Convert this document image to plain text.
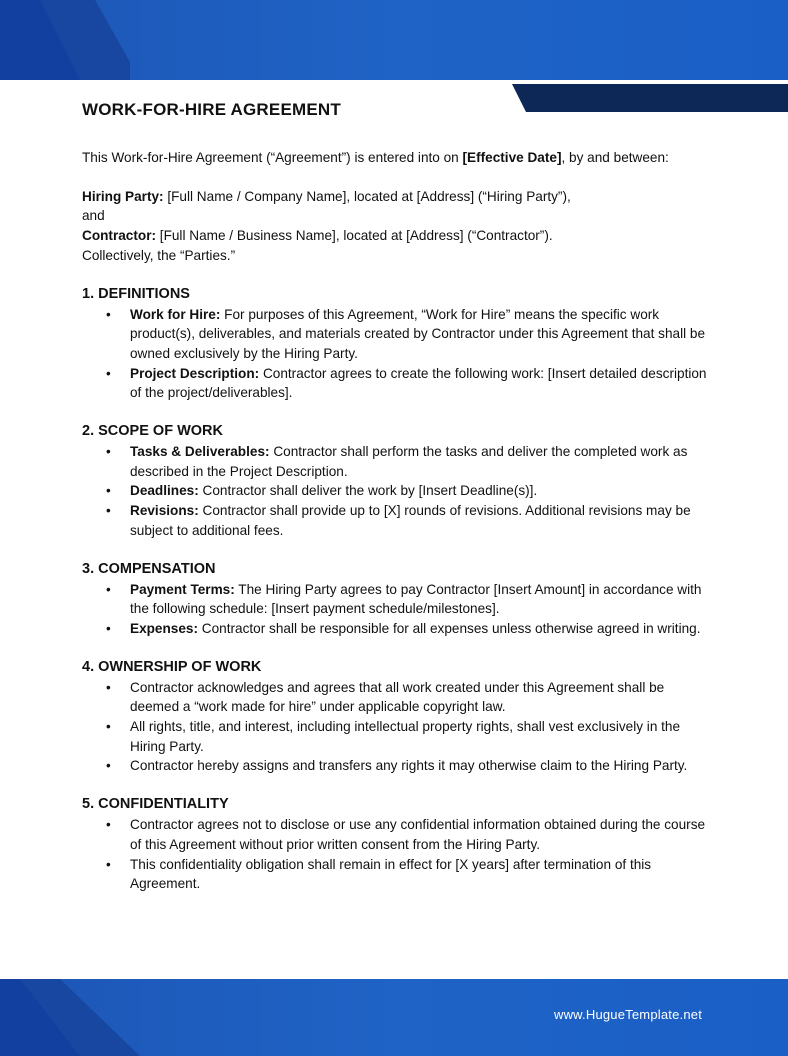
WORK-FOR-HIRE AGREEMENT

This Work-for-Hire Agreement (“Agreement”) is entered into on [Effective Date], by and between:

Hiring Party: [Full Name / Company Name], located at [Address] (“Hiring Party”),

and

Contractor: [Full Name / Business Name], located at [Address] (“Contractor”).

Collectively, the “Parties.”

1. DEFINITIONS
• Work for Hire: For purposes of this Agreement, “Work for Hire” means the specific work product(s), deliverables, and materials created by Contractor under this Agreement that shall be owned exclusively by the Hiring Party.
• Project Description: Contractor agrees to create the following work: [Insert detailed description of the project/deliverables].
2. SCOPE OF WORK
• Tasks & Deliverables: Contractor shall perform the tasks and deliver the completed work as described in the Project Description.
• Deadlines: Contractor shall deliver the work by [Insert Deadline(s)].
• Revisions: Contractor shall provide up to [X] rounds of revisions. Additional revisions may be subject to additional fees.
3. COMPENSATION
• Payment Terms: The Hiring Party agrees to pay Contractor [Insert Amount] in accordance with the following schedule: [Insert payment schedule/milestones].
• Expenses: Contractor shall be responsible for all expenses unless otherwise agreed in writing.
4. OWNERSHIP OF WORK
• Contractor acknowledges and agrees that all work created under this Agreement shall be deemed a “work made for hire” under applicable copyright law.
• All rights, title, and interest, including intellectual property rights, shall vest exclusively in the Hiring Party.
• Contractor hereby assigns and transfers any rights it may otherwise claim to the Hiring Party.
5. CONFIDENTIALITY
• Contractor agrees not to disclose or use any confidential information obtained during the course of this Agreement without prior written consent from the Hiring Party.
• This confidentiality obligation shall remain in effect for [X years] after termination of this Agreement.
www.HugueTemplate.net
